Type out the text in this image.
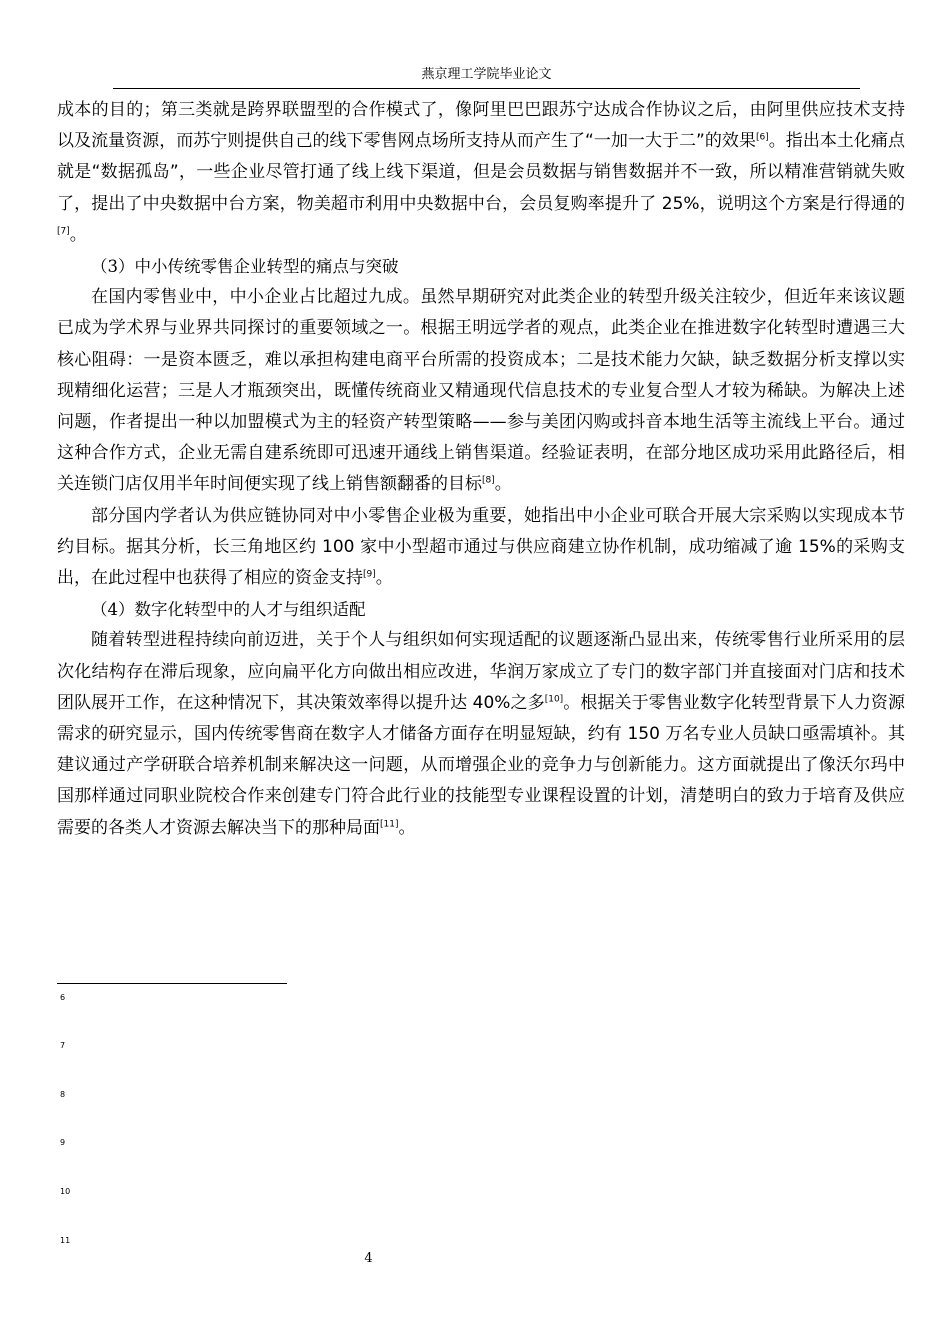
燕京理工学院毕业论文

成本的目的；第三类就是跨界联盟型的合作模式了，像阿里巴巴跟苏宁达成合作协议之后，由阿里供应技术支持以及流量资源，而苏宁则提供自己的线下零售网点场所支持从而产生了“一加一大于二”的效果[6]。指出本土化痛点就是“数据孤岛”，一些企业尽管打通了线上线下渠道，但是会员数据与销售数据并不一致，所以精准营销就失败了，提出了中央数据中台方案，物美超市利用中央数据中台，会员复购率提升了 25%，说明这个方案是行得通的[7]。

（3）中小传统零售企业转型的痛点与突破

在国内零售业中，中小企业占比超过九成。虽然早期研究对此类企业的转型升级关注较少，但近年来该议题已成为学术界与业界共同探讨的重要领域之一。根据王明远学者的观点，此类企业在推进数字化转型时遭遇三大核心阻碍：一是资本匮乏，难以承担构建电商平台所需的投资成本；二是技术能力欠缺，缺乏数据分析支撑以实现精细化运营；三是人才瓶颈突出，既懂传统商业又精通现代信息技术的专业复合型人才较为稀缺。为解决上述问题，作者提出一种以加盟模式为主的轻资产转型策略——参与美团闪购或抖音本地生活等主流线上平台。通过这种合作方式，企业无需自建系统即可迅速开通线上销售渠道。经验证表明，在部分地区成功采用此路径后，相关连锁门店仅用半年时间便实现了线上销售额翻番的目标[8]。

部分国内学者认为供应链协同对中小零售企业极为重要，她指出中小企业可联合开展大宗采购以实现成本节约目标。据其分析，长三角地区约 100 家中小型超市通过与供应商建立协作机制，成功缩减了逾 15%的采购支出，在此过程中也获得了相应的资金支持[9]。

（4）数字化转型中的人才与组织适配

随着转型进程持续向前迈进，关于个人与组织如何实现适配的议题逐渐凸显出来，传统零售行业所采用的层次化结构存在滞后现象，应向扁平化方向做出相应改进，华润万家成立了专门的数字部门并直接面对门店和技术团队展开工作，在这种情况下，其决策效率得以提升达 40%之多[10]。根据关于零售业数字化转型背景下人力资源需求的研究显示，国内传统零售商在数字人才储备方面存在明显短缺，约有 150 万名专业人员缺口亟需填补。其建议通过产学研联合培养机制来解决这一问题，从而增强企业的竞争力与创新能力。这方面就提出了像沃尔玛中国那样通过同职业院校合作来创建专门符合此行业的技能型专业课程设置的计划，清楚明白的致力于培育及供应需要的各类人才资源去解决当下的那种局面[11]。

6
7
8
9
10
11
4
